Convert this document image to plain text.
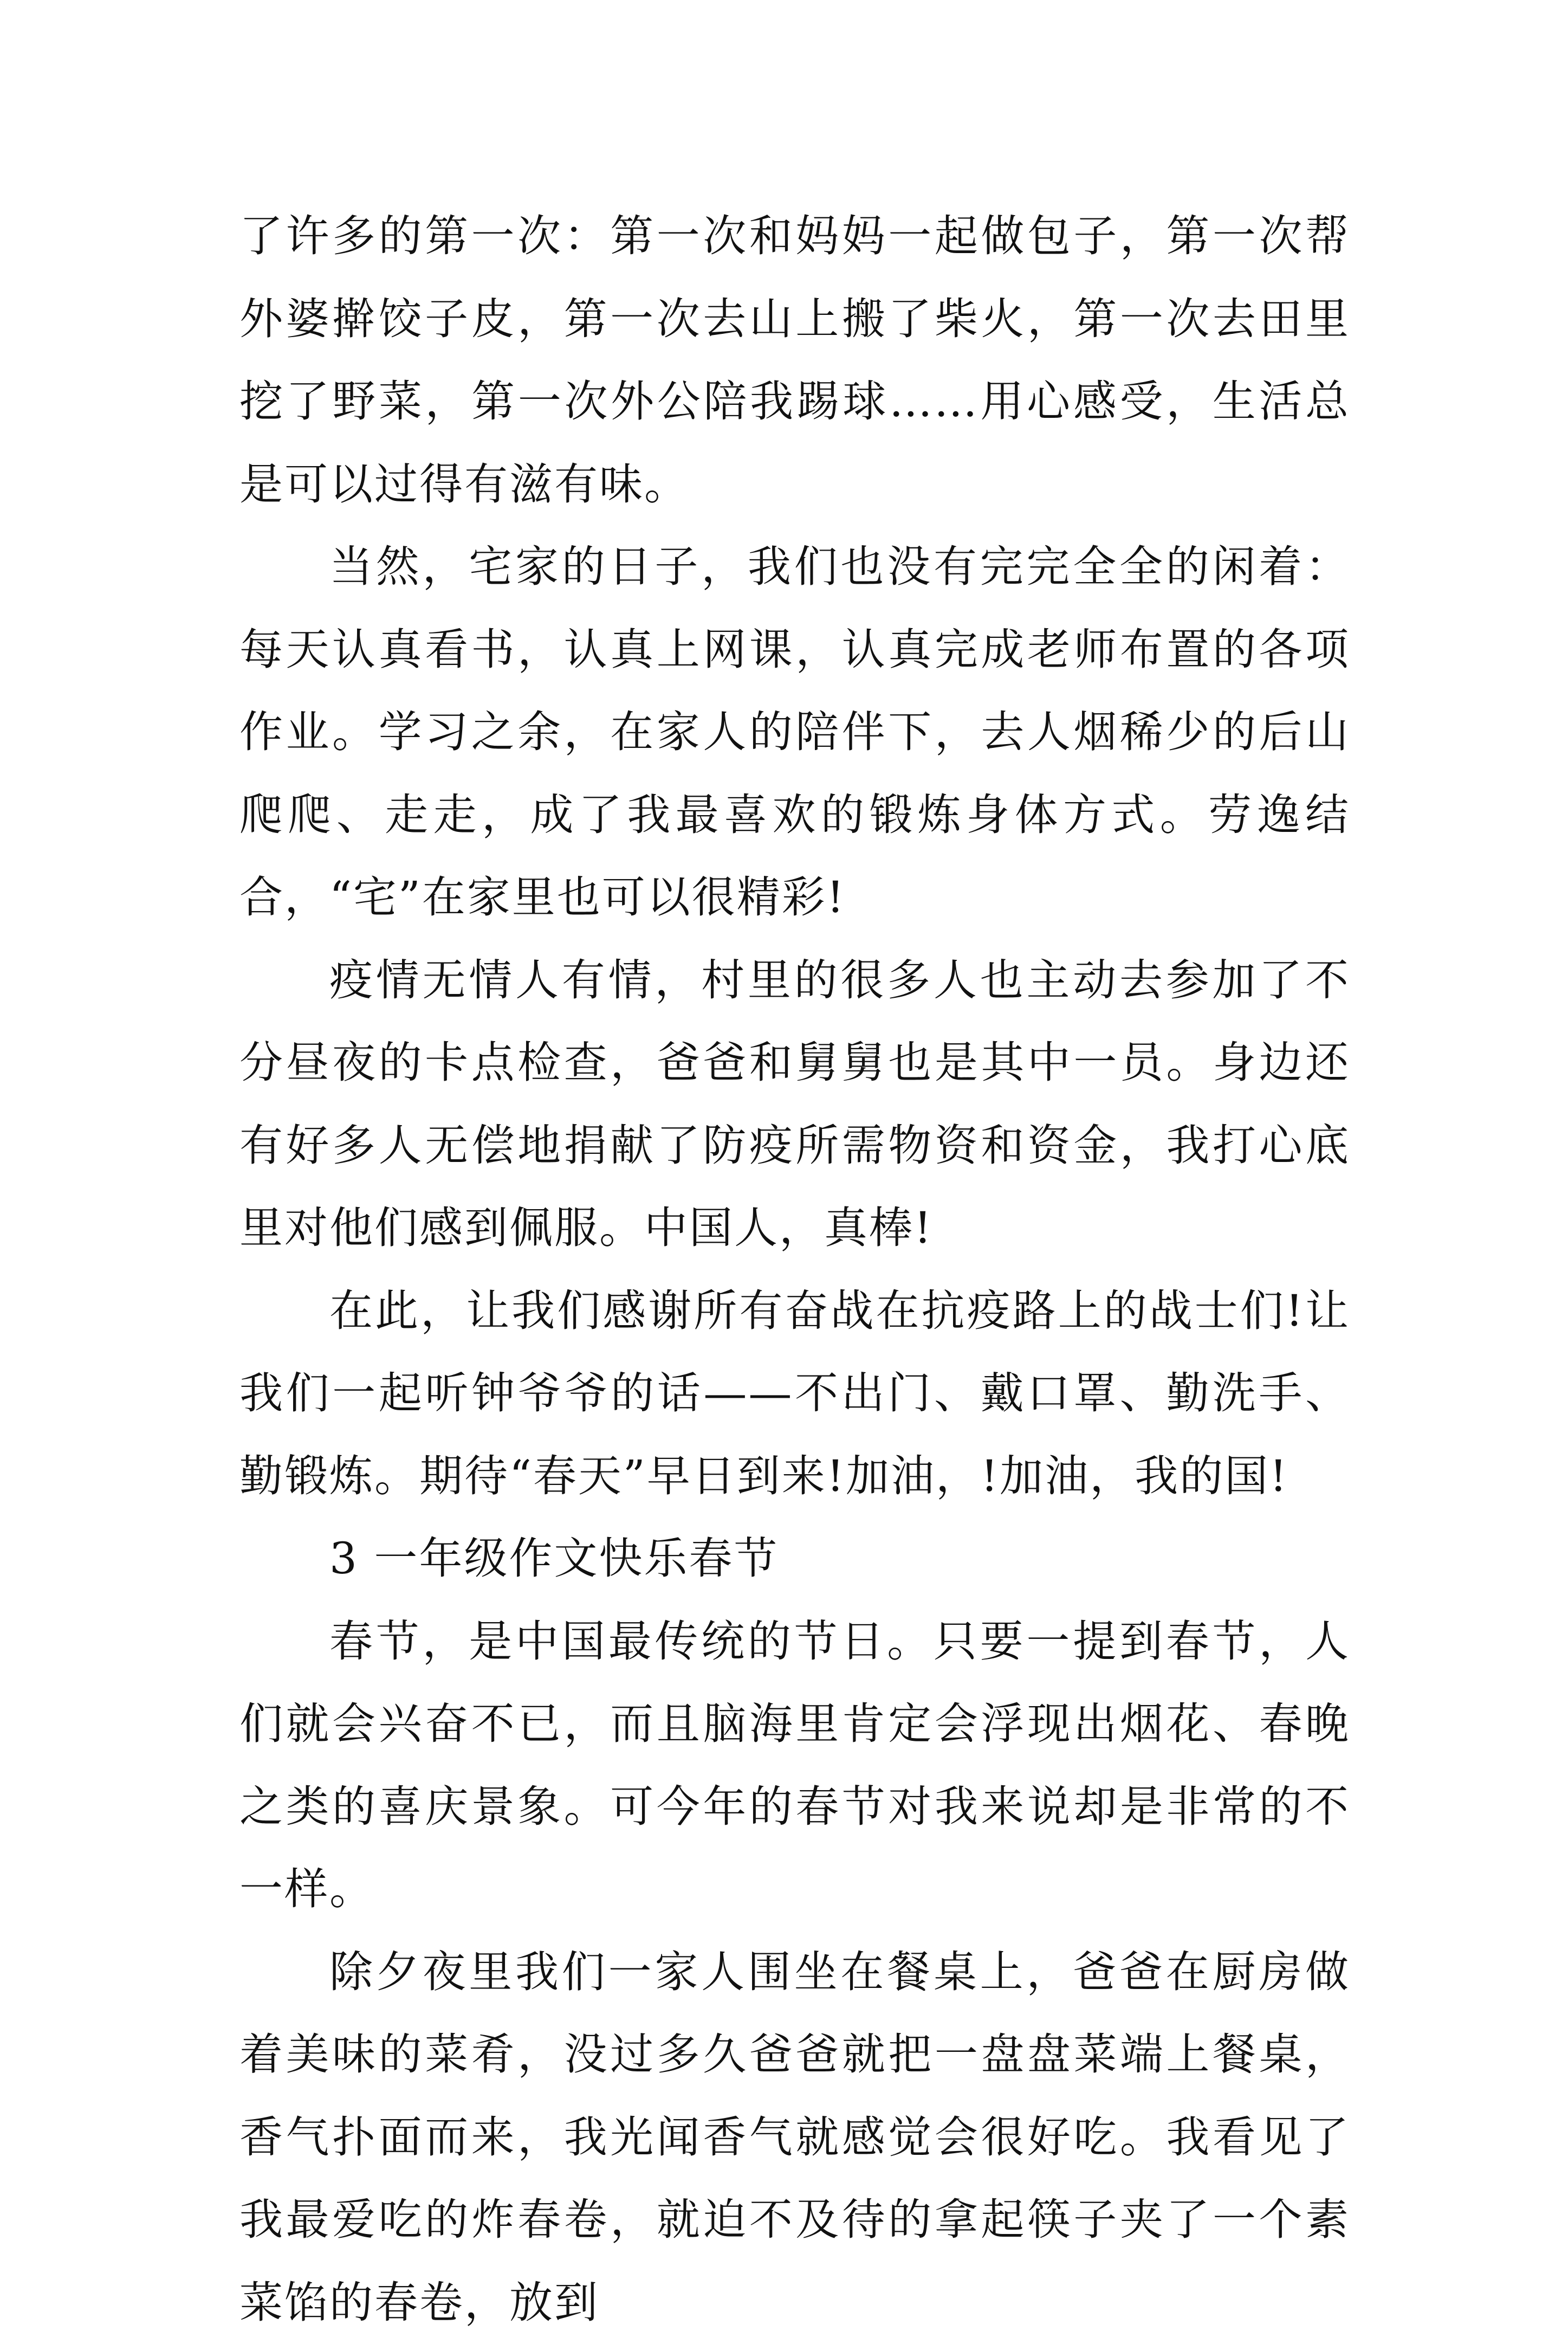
了许多的第一次：第一次和妈妈一起做包子，第一次帮外婆擀饺子皮，第一次去山上搬了柴火，第一次去田里挖了野菜，第一次外公陪我踢球……用心感受，生活总是可以过得有滋有味。

当然，宅家的日子，我们也没有完完全全的闲着：每天认真看书，认真上网课，认真完成老师布置的各项作业。学习之余，在家人的陪伴下，去人烟稀少的后山爬爬、走走，成了我最喜欢的锻炼身体方式。劳逸结合，“宅”在家里也可以很精彩!

疫情无情人有情，村里的很多人也主动去参加了不分昼夜的卡点检查，爸爸和舅舅也是其中一员。身边还有好多人无偿地捐献了防疫所需物资和资金，我打心底里对他们感到佩服。中国人，真棒!

在此，让我们感谢所有奋战在抗疫路上的战士们!让我们一起听钟爷爷的话——不出门、戴口罩、勤洗手、勤锻炼。期待“春天”早日到来!加油，!加油，我的国!

3 一年级作文快乐春节

春节，是中国最传统的节日。只要一提到春节，人们就会兴奋不已，而且脑海里肯定会浮现出烟花、春晚之类的喜庆景象。可今年的春节对我来说却是非常的不一样。

除夕夜里我们一家人围坐在餐桌上，爸爸在厨房做着美味的菜肴，没过多久爸爸就把一盘盘菜端上餐桌，香气扑面而来，我光闻香气就感觉会很好吃。我看见了我最爱吃的炸春卷，就迫不及待的拿起筷子夹了一个素菜馅的春卷，放到
